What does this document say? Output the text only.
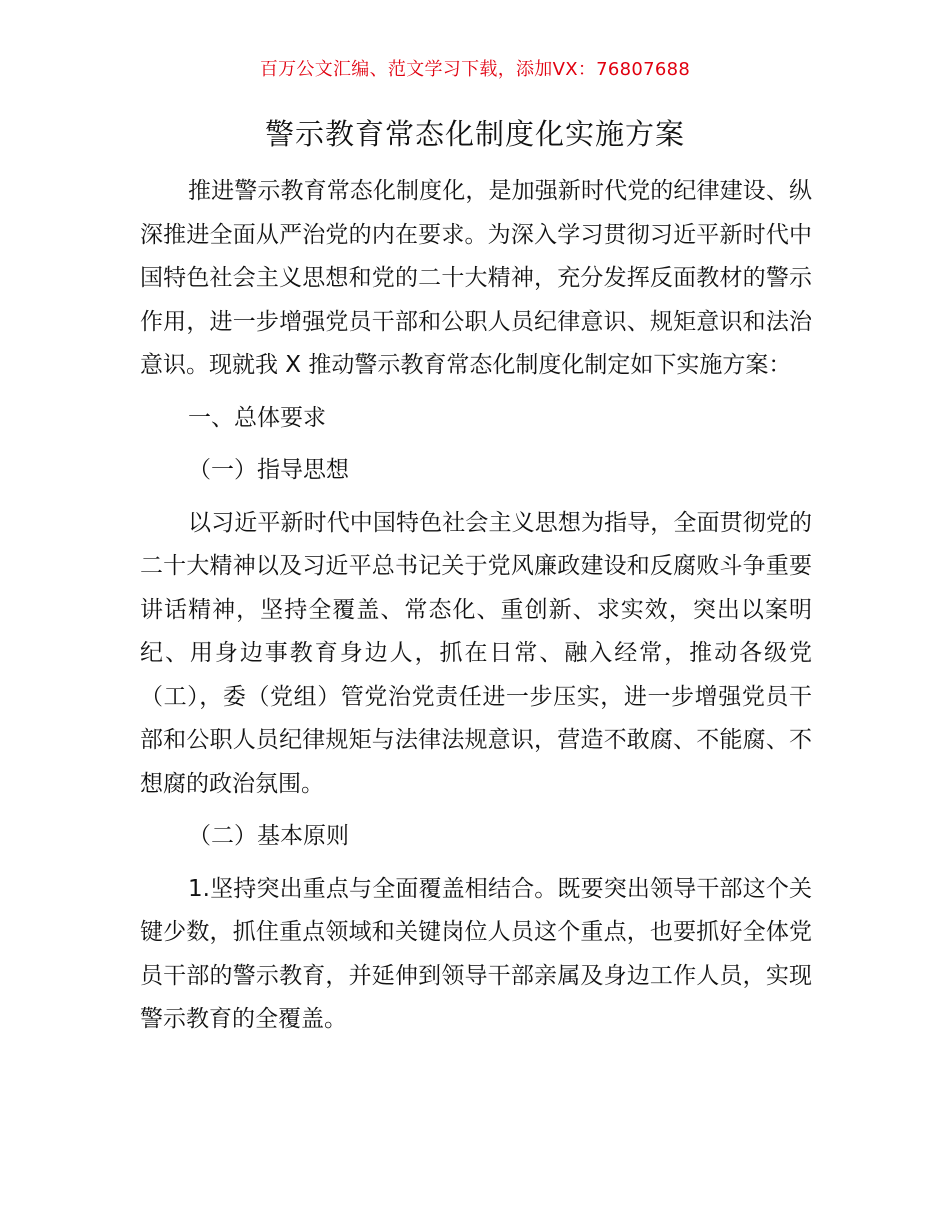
百万公文汇编、范文学习下载，添加VX：76807688
警示教育常态化制度化实施方案

推进警示教育常态化制度化，是加强新时代党的纪律建设、纵深推进全面从严治党的内在要求。为深入学习贯彻习近平新时代中国特色社会主义思想和党的二十大精神，充分发挥反面教材的警示作用，进一步增强党员干部和公职人员纪律意识、规矩意识和法治意识。现就我 X 推动警示教育常态化制度化制定如下实施方案：

一、总体要求

（一）指导思想

以习近平新时代中国特色社会主义思想为指导，全面贯彻党的二十大精神以及习近平总书记关于党风廉政建设和反腐败斗争重要讲话精神，坚持全覆盖、常态化、重创新、求实效，突出以案明纪、用身边事教育身边人，抓在日常、融入经常，推动各级党（工），委（党组）管党治党责任进一步压实，进一步增强党员干部和公职人员纪律规矩与法律法规意识，营造不敢腐、不能腐、不想腐的政治氛围。

（二）基本原则

1.坚持突出重点与全面覆盖相结合。既要突出领导干部这个关键少数，抓住重点领域和关键岗位人员这个重点，也要抓好全体党员干部的警示教育，并延伸到领导干部亲属及身边工作人员，实现警示教育的全覆盖。
